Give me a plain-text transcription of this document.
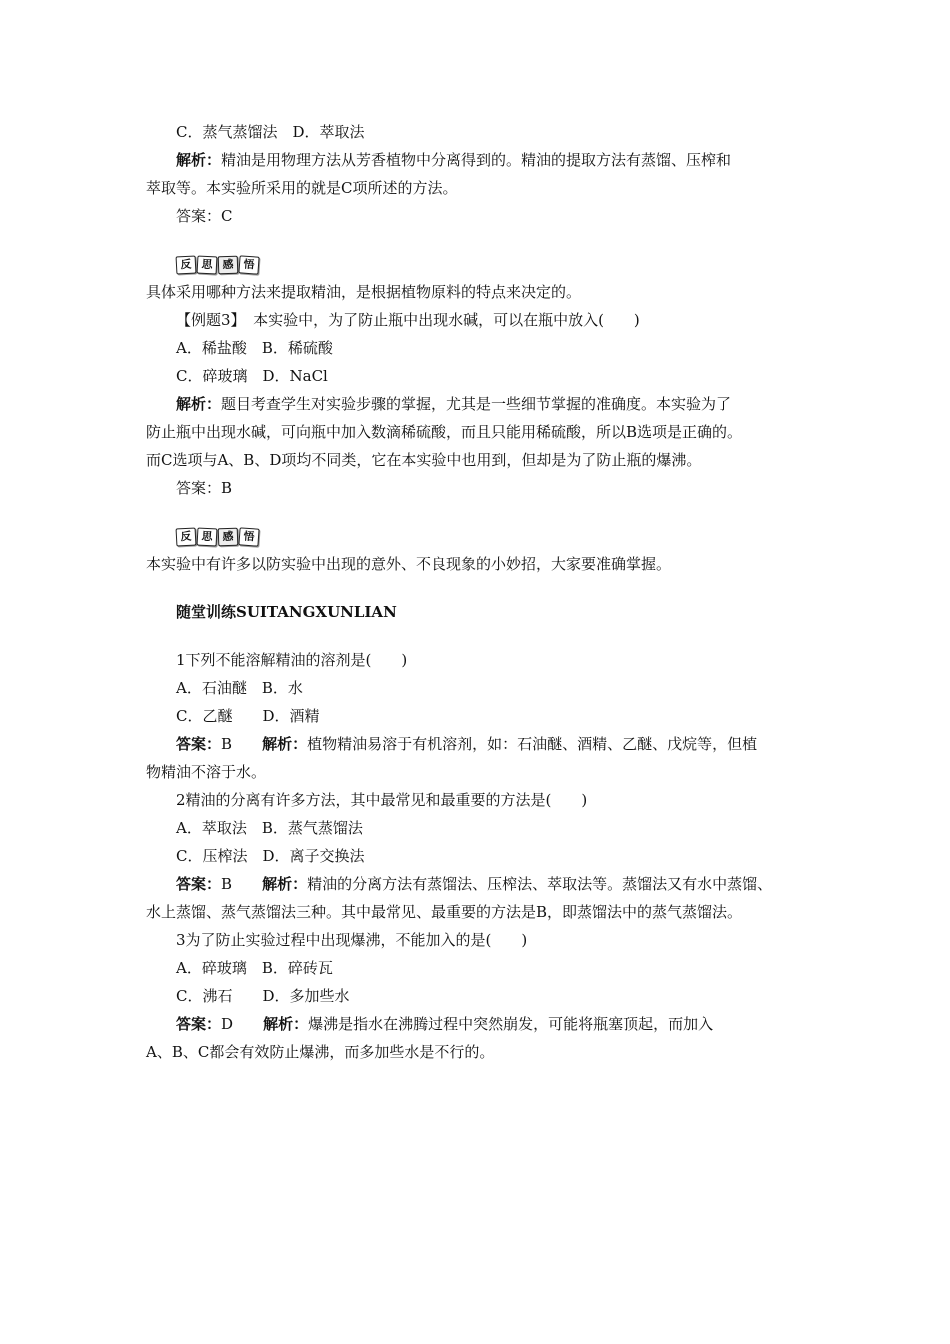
C．蒸气蒸馏法　D．萃取法
解析：精油是用物理方法从芳香植物中分离得到的。精油的提取方法有蒸馏、压榨和
萃取等。本实验所采用的就是C项所述的方法。
答案：C
反 思 感 悟
具体采用哪种方法来提取精油，是根据植物原料的特点来决定的。
【例题3】　 本实验中，为了防止瓶中出现水碱，可以在瓶中放入(　　)
A．稀盐酸　B．稀硫酸
C．碎玻璃　D．NaCl
解析：题目考查学生对实验步骤的掌握，尤其是一些细节掌握的准确度。本实验为了
防止瓶中出现水碱，可向瓶中加入数滴稀硫酸，而且只能用稀硫酸，所以B选项是正确的。
而C选项与A、B、D项均不同类，它在本实验中也用到，但却是为了防止瓶的爆沸。
答案：B
反 思 感 悟
本实验中有许多以防实验中出现的意外、不良现象的小妙招，大家要准确掌握。
随堂训练SUITANGXUNLIAN
1下列不能溶解精油的溶剂是(　　)
A．石油醚　B．水
C．乙醚　　D．酒精
答案：B　　解析：植物精油易溶于有机溶剂，如：石油醚、酒精、乙醚、戊烷等，但植
物精油不溶于水。
2精油的分离有许多方法，其中最常见和最重要的方法是(　　)
A．萃取法　B．蒸气蒸馏法
C．压榨法　D．离子交换法
答案：B　　解析：精油的分离方法有蒸馏法、压榨法、萃取法等。蒸馏法又有水中蒸馏、
水上蒸馏、蒸气蒸馏法三种。其中最常见、最重要的方法是B，即蒸馏法中的蒸气蒸馏法。
3为了防止实验过程中出现爆沸，不能加入的是(　　)
A．碎玻璃　B．碎砖瓦
C．沸石　　D．多加些水
答案：D　　解析：爆沸是指水在沸腾过程中突然崩发，可能将瓶塞顶起，而加入
A、B、C都会有效防止爆沸，而多加些水是不行的。
